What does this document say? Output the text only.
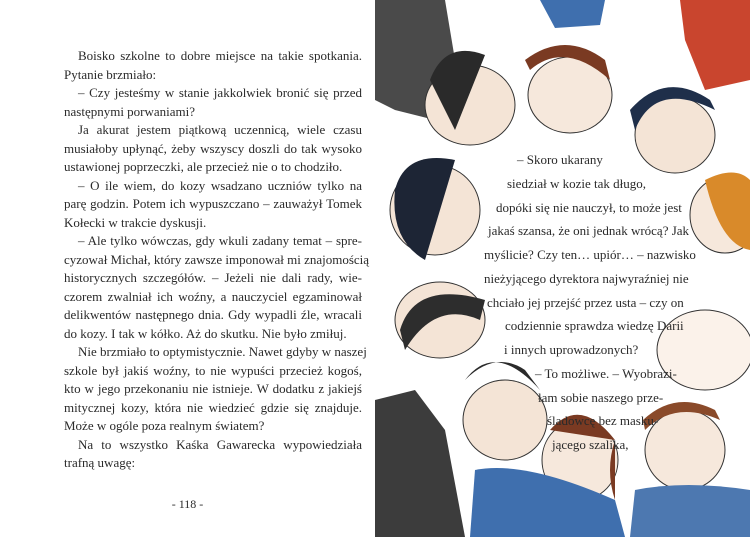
Boisko szkolne to dobre miejsce na takie spotkania.
Pytanie brzmiało:
– Czy jesteśmy w stanie jakkolwiek bronić się przed
następnymi porwaniami?
Ja akurat jestem piątkową uczennicą, wiele czasu
musiałoby upłynąć, żeby wszyscy doszli do tak wysoko
ustawionej poprzeczki, ale przecież nie o to chodziło.
– O ile wiem, do kozy wsadzano uczniów tylko na
parę godzin. Potem ich wypuszczano – zauważył Tomek
Kołecki w trakcie dyskusji.
– Ale tylko wówczas, gdy wkuli zadany temat – spre-
cyzował Michał, który zawsze imponował mi znajomością
historycznych szczegółów. – Jeżeli nie dali rady, wie-
czorem zwalniał ich woźny, a nauczyciel egzaminował
delikwentów następnego dnia. Gdy wypadli źle, wracali
do kozy. I tak w kółko. Aż do skutku. Nie było zmiłuj.
Nie brzmiało to optymistycznie. Nawet gdyby w naszej
szkole był jakiś woźny, to nie wypuści przecież kogoś,
kto w jego przekonaniu nie istnieje. W dodatku z jakiejś
mitycznej kozy, która nie wiedzieć gdzie się znajduje.
Może w ogóle poza realnym światem?
Na to wszystko Kaśka Gawarecka wypowiedziała
trafną uwagę:
- 118 -
– Skoro ukarany
siedział w kozie tak długo,
dopóki się nie nauczył, to może jest
jakaś szansa, że oni jednak wrócą? Jak
myślicie? Czy ten… upiór… – nazwisko
nieżyjącego dyrektora najwyraźniej nie
chciało jej przejść przez usta – czy on
codziennie sprawdza wiedzę Darii
i innych uprowadzonych?
– To możliwe. – Wyobrazi-
łam sobie naszego prze-
śladowcę bez masku-
jącego szalika,
